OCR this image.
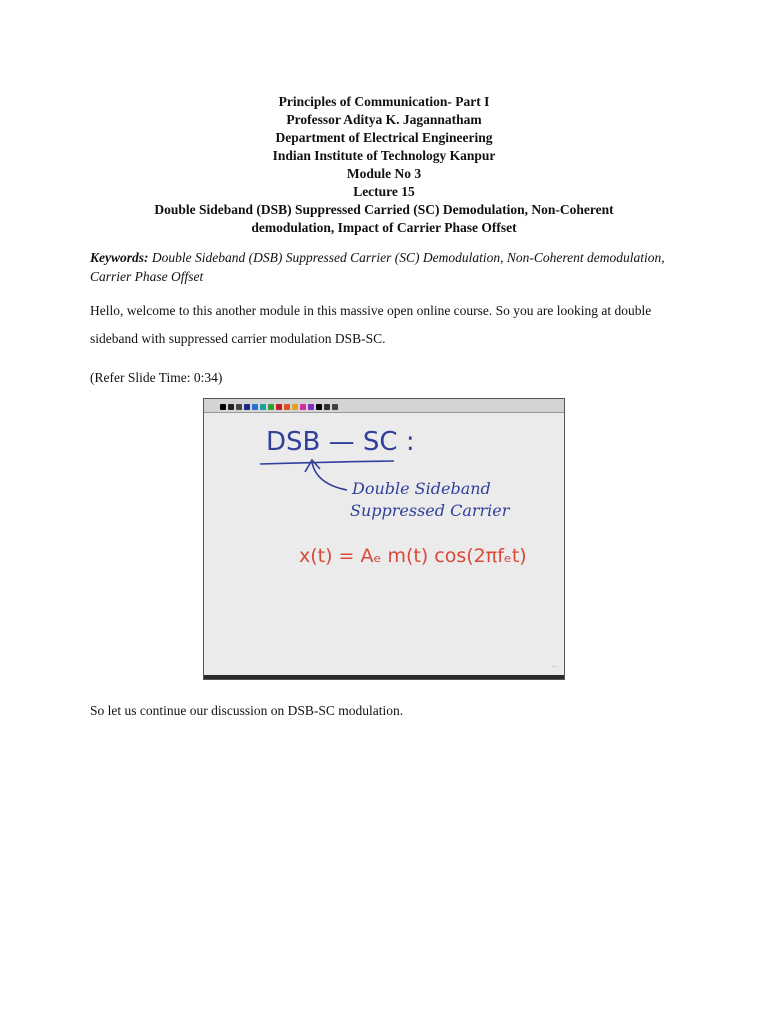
Principles of Communication- Part I
Professor Aditya K. Jagannatham
Department of Electrical Engineering
Indian Institute of Technology Kanpur
Module No 3
Lecture 15
Double Sideband (DSB) Suppressed Carried (SC) Demodulation, Non-Coherent
demodulation, Impact of Carrier Phase Offset
Keywords: Double Sideband (DSB) Suppressed Carrier (SC) Demodulation, Non-Coherent demodulation, Carrier Phase Offset
Hello, welcome to this another module in this massive open online course. So you are looking at double sideband with suppressed carrier modulation DSB-SC.
(Refer Slide Time: 0:34)
DSB — SC :
Double Sideband
Suppressed Carrier
x(t) = Aₑ m(t) cos(2πfₑt)
····
So let us continue our discussion on DSB-SC modulation.
